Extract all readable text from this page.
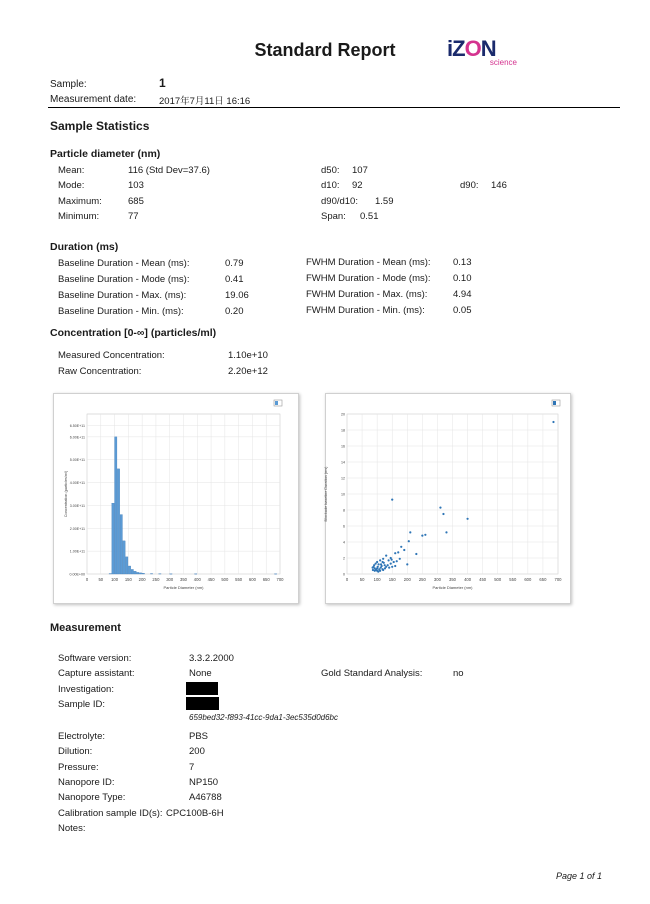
Standard Report	iZON
science
Sample:	1
Measurement date: 2017年7月11日 16:16
Sample Statistics
Particle diameter (nm)
Mean:	116 (Std Dev=37.6)
Mode:	103
Maximum:	685
Minimum:	77
d50: 107
d10: 92	d90: 146
d90/d10: 1.59
Span: 0.51
Duration (ms)
Baseline Duration - Mean (ms):	0.79	FWHM Duration - Mean (ms): 0.13
Baseline Duration - Mode (ms):	0.41	FWHM Duration - Mode (ms): 0.10
Baseline Duration - Max. (ms):	19.06	FWHM Duration - Max. (ms):	4.94
Baseline Duration - Min. (ms):	0.20	FWHM Duration - Min. (ms):	0.05
Concentration [0-∞] (particles/ml)
Measured Concentration:	1.10e+10
Raw Concentration:	2.20e+12
0.00E+00
1.00E+11
2.00E+11
3.00E+11
4.00E+11
5.00E+11
6.00E+11
6.50E+11
0 50 100 150 200 250 300 350 400 450 500 550 600 650 700
Particle Diameter (nm)
Concentration (particles/ml)
0
2
4
6
8
10
12
14
16
18
20
0	50 100 150 200 250 300 350 400 450 500 550 600 650 700
Particle Diameter (nm)
Blockade baseline Duration (ms)
Measurement
Software version:	3.3.2.2000
Capture assistant:	None	Gold Standard Analysis:	no
Investigation:
Sample ID:
659bed32-f893-41cc-9da1-3ec535d0d6bc
Electrolyte:	PBS
Dilution:	200
Pressure:	7
Nanopore ID:	NP150
Nanopore Type:	A46788
Calibration sample ID(s): CPC100B-6H
Notes:
Page 1 of 1
